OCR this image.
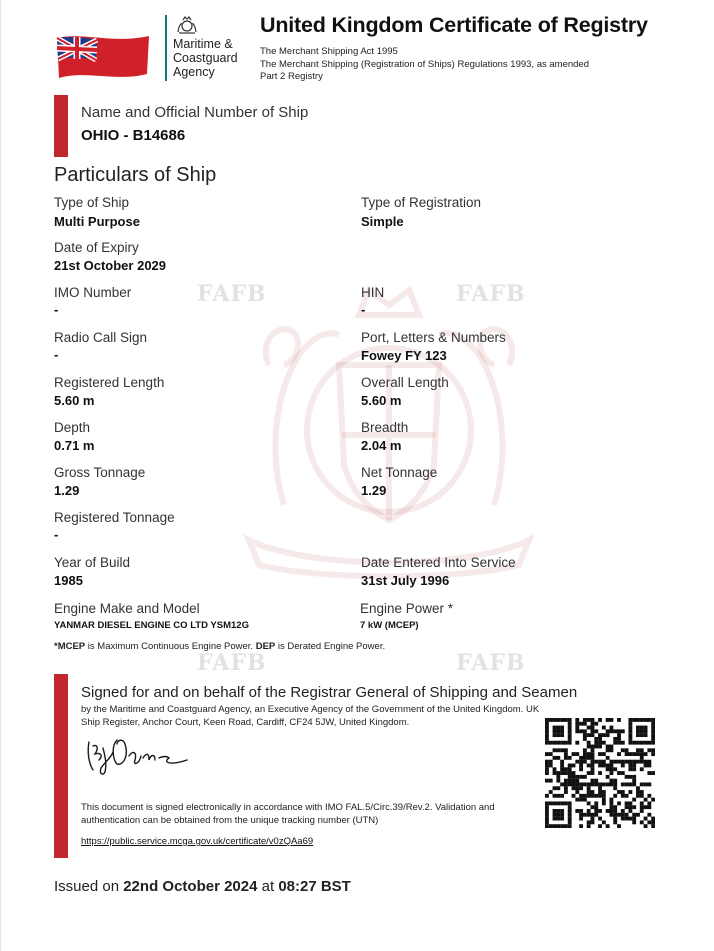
Maritime &
Coastguard
Agency
United Kingdom Certificate of Registry
The Merchant Shipping Act 1995
The Merchant Shipping (Registration of Ships) Regulations 1993, as amended
Part 2 Registry
Name and Official Number of Ship
OHIO - B14686
FAFB	FAFB
FAFB	FAFB
Particulars of Ship
Type of Ship
Multi Purpose
Type of Registration
Simple
Date of Expiry
21st October 2029
IMO Number
-
HIN
-
Radio Call Sign
-
Port, Letters & Numbers
Fowey FY 123
Registered Length
5.60 m
Overall Length
5.60 m
Depth
0.71 m
Breadth
2.04 m
Gross Tonnage
1.29
Net Tonnage
1.29
Registered Tonnage
-
Year of Build
1985
Date Entered Into Service
31st July 1996
Engine Make and Model
YANMAR DIESEL ENGINE CO LTD YSM12G
Engine Power *
7 kW (MCEP)
*MCEP is Maximum Continuous Engine Power. DEP is Derated Engine Power.
Signed for and on behalf of the Registrar General of Shipping and Seamen
by the Maritime and Coastguard Agency, an Executive Agency of the Government of the United Kingdom. UK Ship Register, Anchor Court, Keen Road, Cardiff, CF24 5JW, United Kingdom.
This document is signed electronically in accordance with IMO FAL.5/Circ.39/Rev.2. Validation and authentication can be obtained from the unique tracking number (UTN)
https://public.service.mcga.gov.uk/certificate/v0zQAa69
Issued on 22nd October 2024 at 08:27 BST
